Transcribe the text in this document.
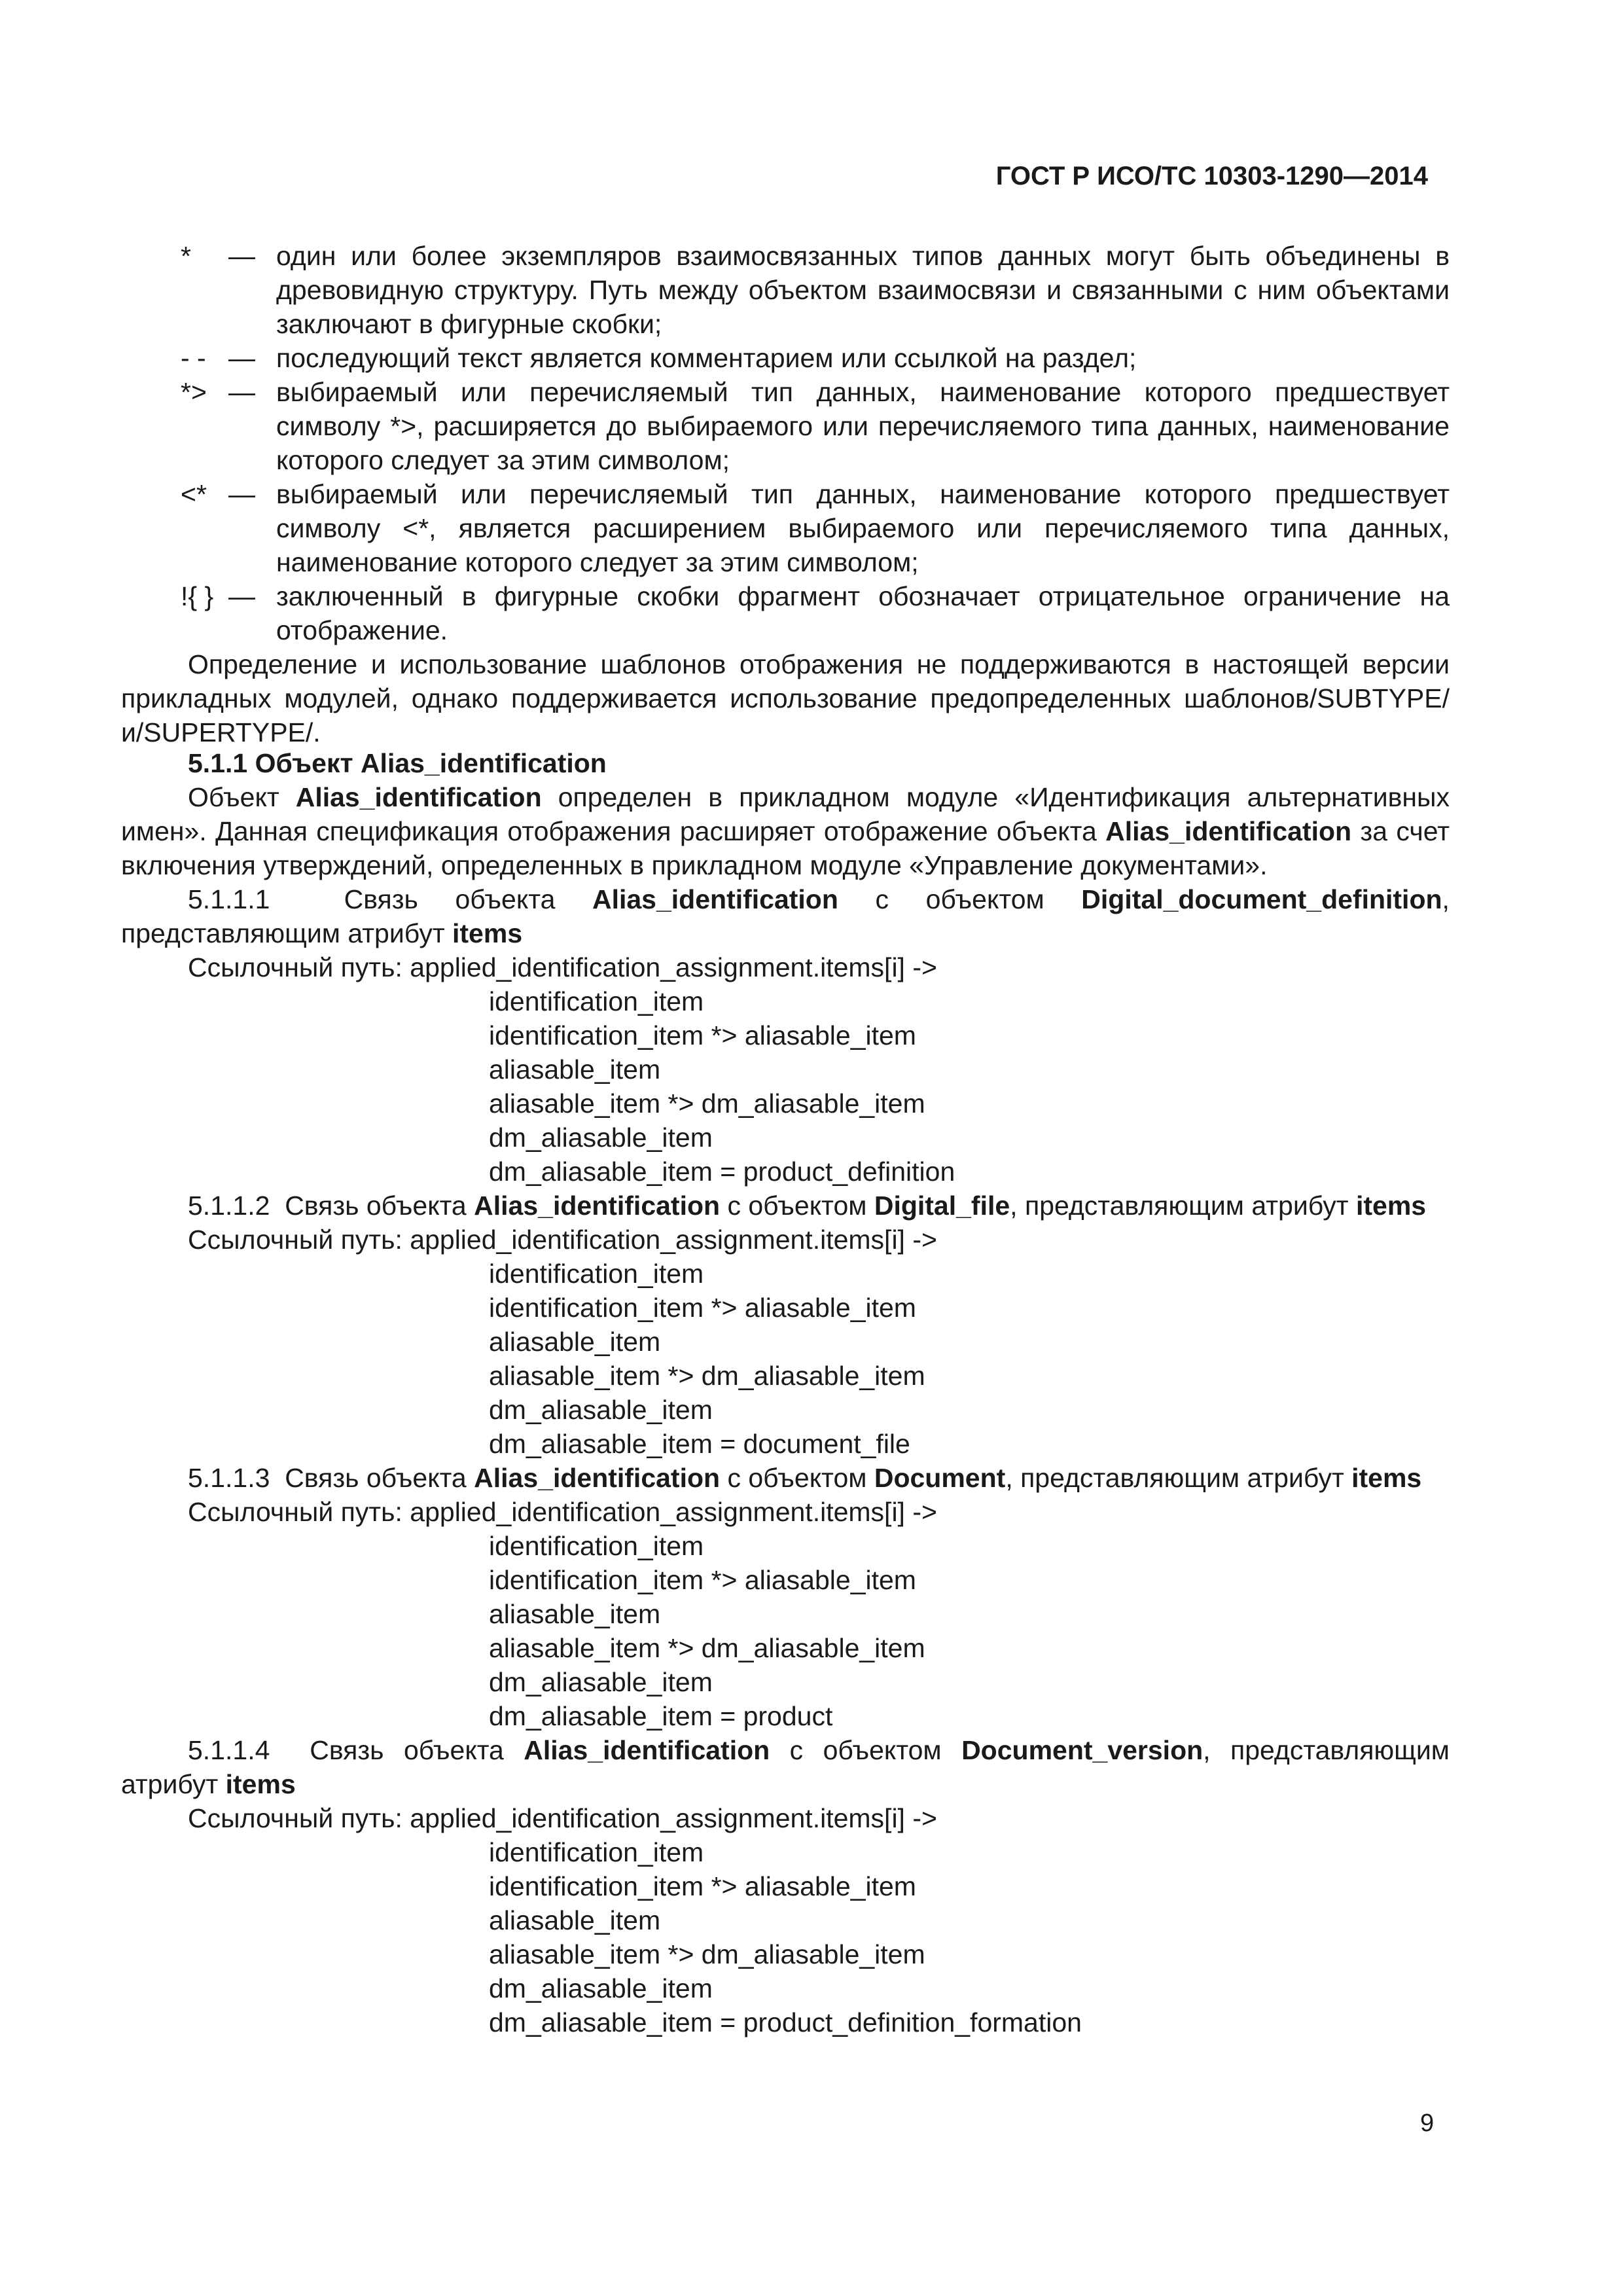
ГОСТ Р ИСО/ТС 10303-1290—2014
* — один или более экземпляров взаимосвязанных типов данных могут быть объединены в древовидную структуру. Путь между объектом взаимосвязи и связанными с ним объектами заключают в фигурные скобки;
- - — последующий текст является комментарием или ссылкой на раздел;
*> — выбираемый или перечисляемый тип данных, наименование которого предшествует символу *>, расширяется до выбираемого или перечисляемого типа данных, наименование которого следует за этим символом;
<* — выбираемый или перечисляемый тип данных, наименование которого предшествует символу <*, является расширением выбираемого или перечисляемого типа данных, наименование которого следует за этим символом;
!{ } — заключенный в фигурные скобки фрагмент обозначает отрицательное ограничение на отображение.
Определение и использование шаблонов отображения не поддерживаются в настоящей версии прикладных модулей, однако поддерживается использование предопределенных шаблонов/SUBTYPE/и/SUPERTYPE/.
5.1.1 Объект Alias_identification
Объект Alias_identification определен в прикладном модуле «Идентификация альтернативных имен». Данная спецификация отображения расширяет отображение объекта Alias_identification за счет включения утверждений, определенных в прикладном модуле «Управление документами».
5.1.1.1	Связь объекта Alias_identification с объектом Digital_document_definition, представляющим атрибут items
Ссылочный путь: applied_identification_assignment.items[i] ->
identification_item
identification_item *> aliasable_item
aliasable_item
aliasable_item *> dm_aliasable_item
dm_aliasable_item
dm_aliasable_item = product_definition
5.1.1.2 Связь объекта Alias_identification с объектом Digital_file, представляющим атрибут items
Ссылочный путь: applied_identification_assignment.items[i] ->
identification_item
identification_item *> aliasable_item
aliasable_item
aliasable_item *> dm_aliasable_item
dm_aliasable_item
dm_aliasable_item = document_file
5.1.1.3 Связь объекта Alias_identification с объектом Document, представляющим атрибут items
Ссылочный путь: applied_identification_assignment.items[i] ->
identification_item
identification_item *> aliasable_item
aliasable_item
aliasable_item *> dm_aliasable_item
dm_aliasable_item
dm_aliasable_item = product
5.1.1.4 Связь объекта Alias_identification с объектом Document_version, представляющим атрибут items
Ссылочный путь: applied_identification_assignment.items[i] ->
identification_item
identification_item *> aliasable_item
aliasable_item
aliasable_item *> dm_aliasable_item
dm_aliasable_item
dm_aliasable_item = product_definition_formation
9
